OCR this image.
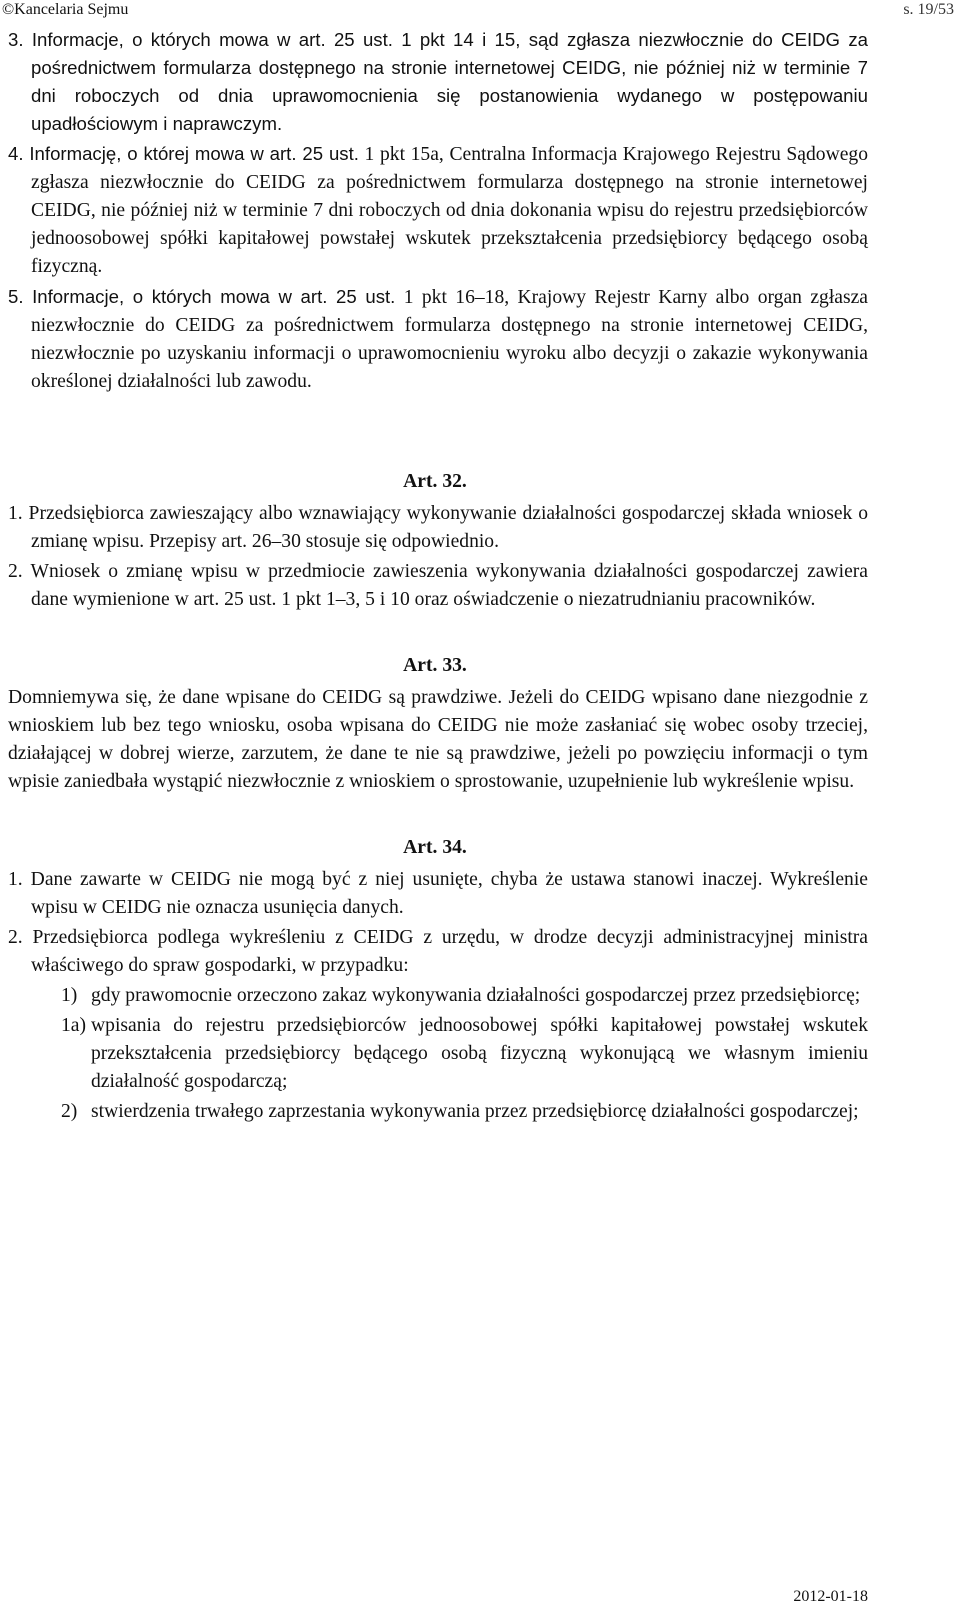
©Kancelaria Sejmu	s. 19/53

3. Informacje, o których mowa w art. 25 ust. 1 pkt 14 i 15, sąd zgłasza niezwłocznie do CEIDG za pośrednictwem formularza dostępnego na stronie internetowej CEIDG, nie później niż w terminie 7 dni roboczych od dnia uprawomocnienia się postanowienia wydanego w postępowaniu upadłościowym i naprawczym.

4. Informację, o której mowa w art. 25 ust. 1 pkt 15a, Centralna Informacja Krajowego Rejestru Sądowego zgłasza niezwłocznie do CEIDG za pośrednictwem formularza dostępnego na stronie internetowej CEIDG, nie później niż w terminie 7 dni roboczych od dnia dokonania wpisu do rejestru przedsiębiorców jednoosobowej spółki kapitałowej powstałej wskutek przekształcenia przedsiębiorcy będącego osobą fizyczną.

5. Informacje, o których mowa w art. 25 ust. 1 pkt 16–18, Krajowy Rejestr Karny albo organ zgłasza niezwłocznie do CEIDG za pośrednictwem formularza dostępnego na stronie internetowej CEIDG, niezwłocznie po uzyskaniu informacji o uprawomocnieniu wyroku albo decyzji o zakazie wykonywania określonej działalności lub zawodu.

Art. 32.

1. Przedsiębiorca zawieszający albo wznawiający wykonywanie działalności gospodarczej składa wniosek o zmianę wpisu. Przepisy art. 26–30 stosuje się odpowiednio.

2. Wniosek o zmianę wpisu w przedmiocie zawieszenia wykonywania działalności gospodarczej zawiera dane wymienione w art. 25 ust. 1 pkt 1–3, 5 i 10 oraz oświadczenie o niezatrudnianiu pracowników.

Art. 33.

Domniemywa się, że dane wpisane do CEIDG są prawdziwe. Jeżeli do CEIDG wpisano dane niezgodnie z wnioskiem lub bez tego wniosku, osoba wpisana do CEIDG nie może zasłaniać się wobec osoby trzeciej, działającej w dobrej wierze, zarzutem, że dane te nie są prawdziwe, jeżeli po powzięciu informacji o tym wpisie zaniedbała wystąpić niezwłocznie z wnioskiem o sprostowanie, uzupełnienie lub wykreślenie wpisu.

Art. 34.

1. Dane zawarte w CEIDG nie mogą być z niej usunięte, chyba że ustawa stanowi inaczej. Wykreślenie wpisu w CEIDG nie oznacza usunięcia danych.

2. Przedsiębiorca podlega wykreśleniu z CEIDG z urzędu, w drodze decyzji administracyjnej ministra właściwego do spraw gospodarki, w przypadku:

1) gdy prawomocnie orzeczono zakaz wykonywania działalności gospodarczej przez przedsiębiorcę;
1a) wpisania do rejestru przedsiębiorców jednoosobowej spółki kapitałowej powstałej wskutek przekształcenia przedsiębiorcy będącego osobą fizyczną wykonującą we własnym imieniu działalność gospodarczą;
2) stwierdzenia trwałego zaprzestania wykonywania przez przedsiębiorcę działalności gospodarczej;
2012-01-18
